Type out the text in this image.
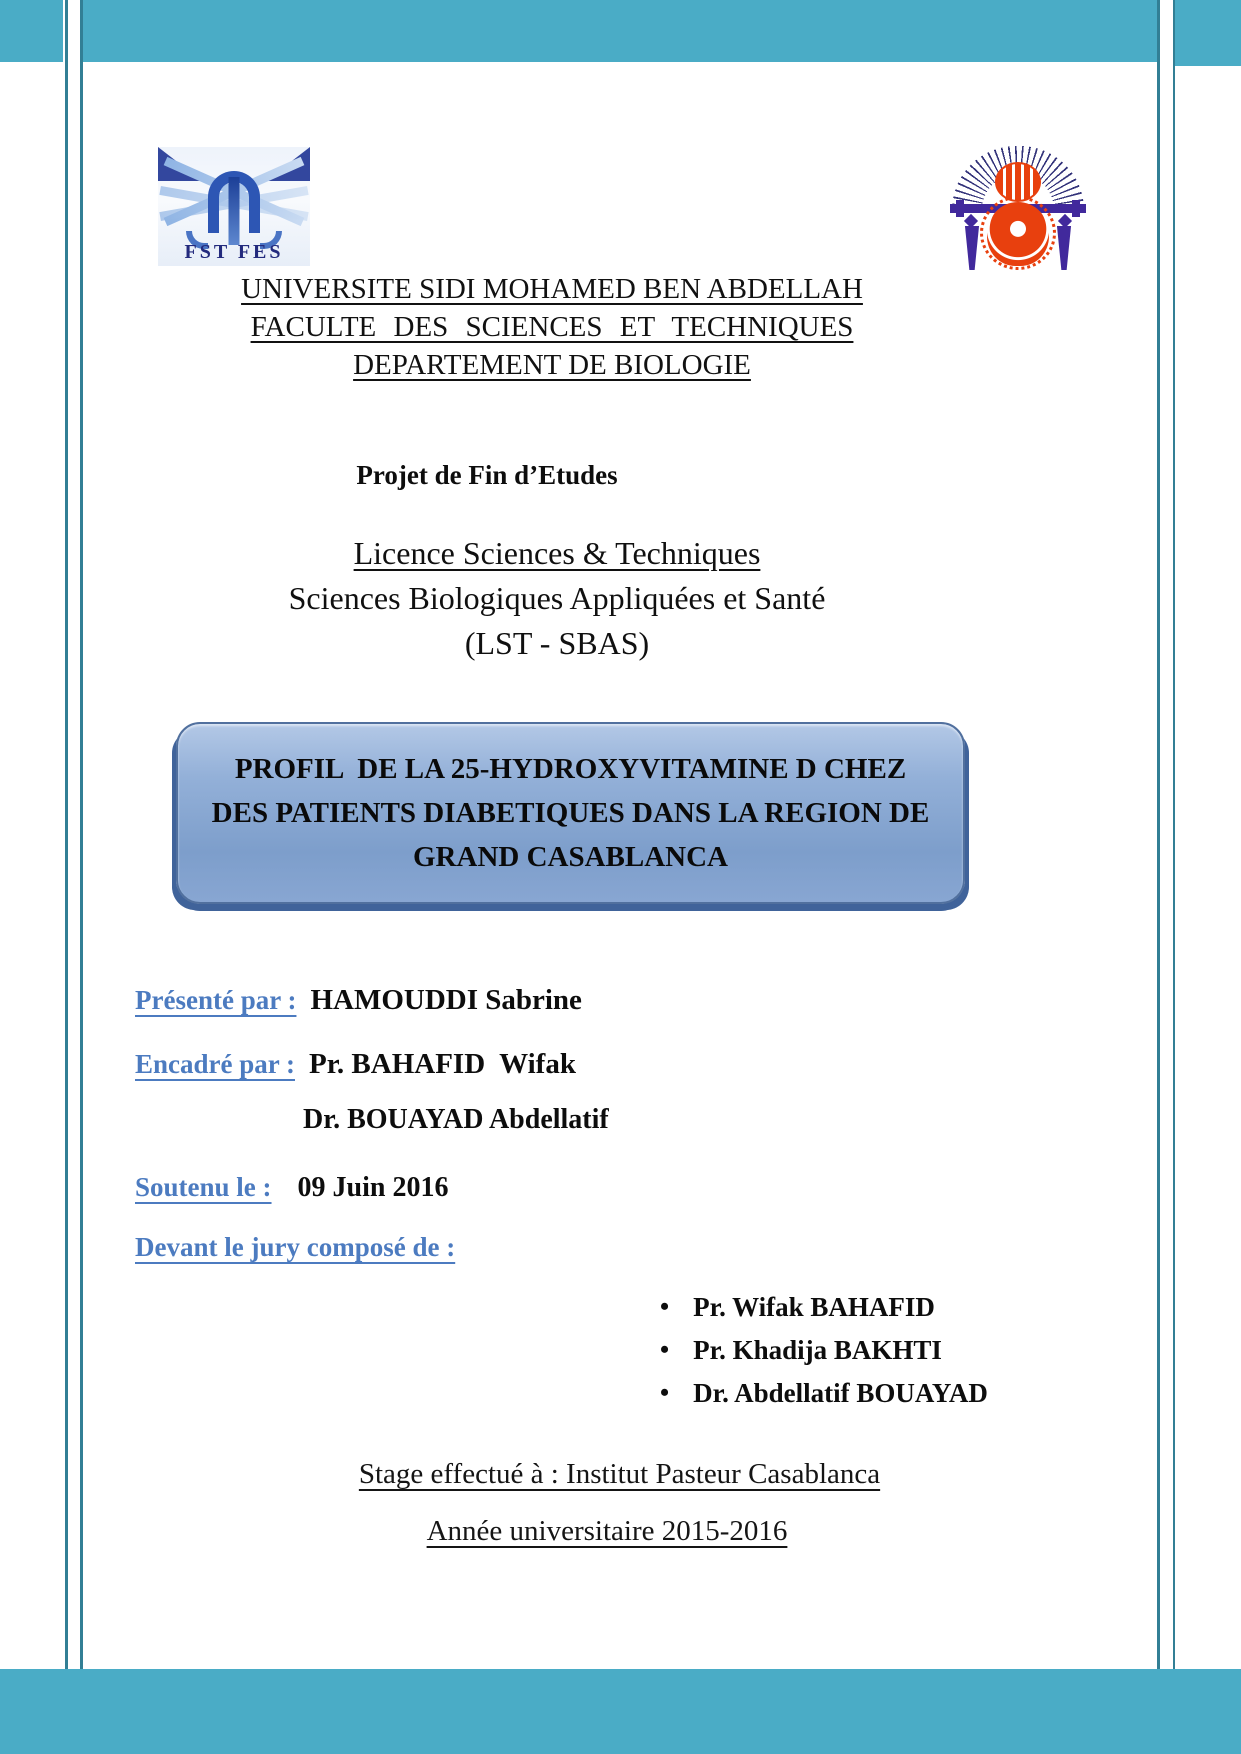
FST FES
UNIVERSITE SIDI MOHAMED BEN ABDELLAH
FACULTE DES SCIENCES ET TECHNIQUES
DEPARTEMENT DE BIOLOGIE
Projet de Fin d’Etudes
Licence Sciences & Techniques
Sciences Biologiques Appliquées et Santé
(LST - SBAS)
PROFIL  DE LA 25-HYDROXYVITAMINE D CHEZ
DES PATIENTS DIABETIQUES DANS LA REGION DE
GRAND CASABLANCA
Présenté par : HAMOUDDI Sabrine
Encadré par : Pr. BAHAFID  Wifak
Dr. BOUAYAD Abdellatif
Soutenu le : 09 Juin 2016
Devant le jury composé de :
• Pr. Wifak BAHAFID
• Pr. Khadija BAKHTI
• Dr. Abdellatif BOUAYAD
Stage effectué à : Institut Pasteur Casablanca
Année universitaire 2015-2016
